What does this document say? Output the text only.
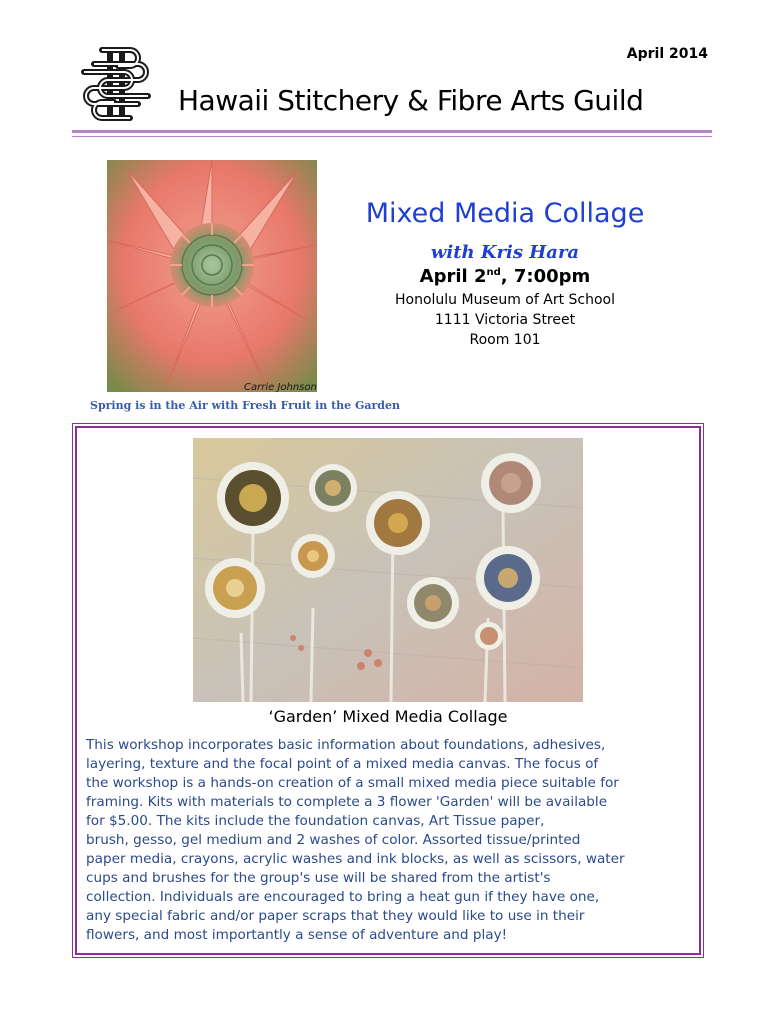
April 2014
Hawaii Stitchery & Fibre Arts Guild
Carrie Johnson
Spring is in the Air with Fresh Fruit in the Garden
Mixed Media Collage
with Kris Hara
April 2nd, 7:00pm
Honolulu Museum of Art School
1111 Victoria Street
Room 101
‘Garden’ Mixed Media Collage
This workshop incorporates basic information about foundations, adhesives,
layering, texture and the focal point of a mixed media canvas. The focus of
the workshop is a hands-on creation of a small mixed media piece suitable for
framing. Kits with materials to complete a 3 flower 'Garden' will be available
for $5.00. The kits include the foundation canvas, Art Tissue paper,
brush, gesso, gel medium and 2 washes of color. Assorted tissue/printed
paper media, crayons, acrylic washes and ink blocks, as well as scissors, water
cups and brushes for the group's use will be shared from the artist's
collection. Individuals are encouraged to bring a heat gun if they have one,
any special fabric and/or paper scraps that they would like to use in their
flowers, and most importantly a sense of adventure and play!
